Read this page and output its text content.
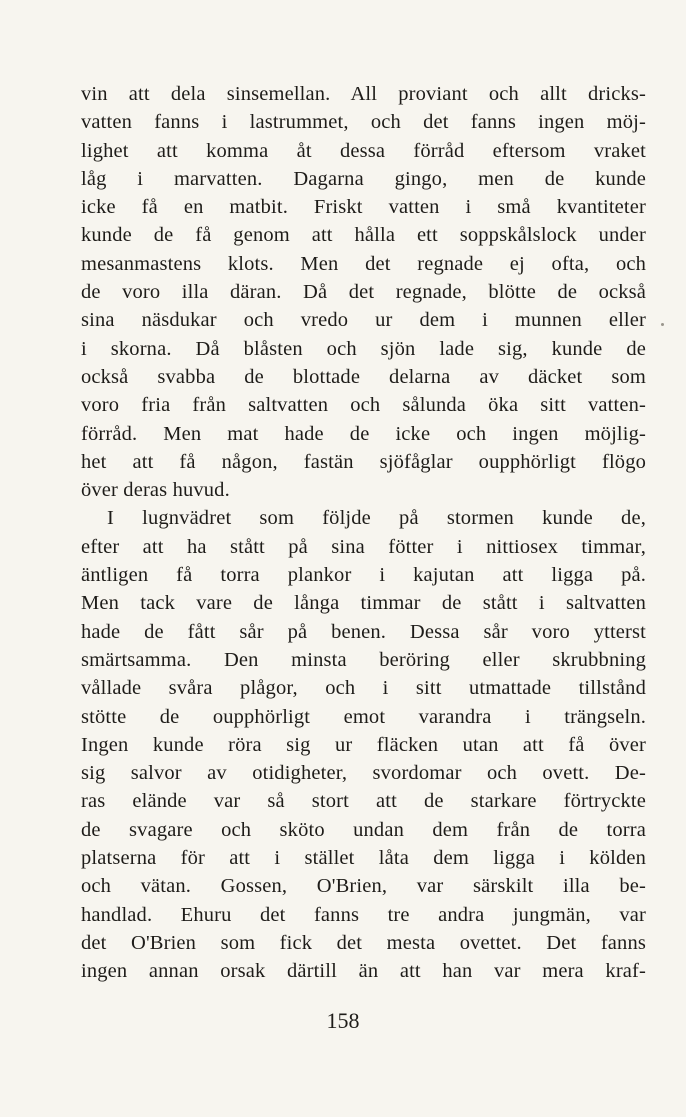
vin att dela sinsemellan. All proviant och allt dricks-
vatten fanns i lastrummet, och det fanns ingen möj-
lighet att komma åt dessa förråd eftersom vraket
låg i marvatten. Dagarna gingo, men de kunde
icke få en matbit. Friskt vatten i små kvantiteter
kunde de få genom att hålla ett soppskålslock under
mesanmastens klots. Men det regnade ej ofta, och
de voro illa däran. Då det regnade, blötte de också
sina näsdukar och vredo ur dem i munnen eller
i skorna. Då blåsten och sjön lade sig, kunde de
också svabba de blottade delarna av däcket som
voro fria från saltvatten och sålunda öka sitt vatten-
förråd. Men mat hade de icke och ingen möjlig-
het att få någon, fastän sjöfåglar oupphörligt flögo
över deras huvud.
I lugnvädret som följde på stormen kunde de,
efter att ha stått på sina fötter i nittiosex timmar,
äntligen få torra plankor i kajutan att ligga på.
Men tack vare de långa timmar de stått i saltvatten
hade de fått sår på benen. Dessa sår voro ytterst
smärtsamma. Den minsta beröring eller skrubbning
vållade svåra plågor, och i sitt utmattade tillstånd
stötte de oupphörligt emot varandra i trängseln.
Ingen kunde röra sig ur fläcken utan att få över
sig salvor av otidigheter, svordomar och ovett. De-
ras elände var så stort att de starkare förtryckte
de svagare och sköto undan dem från de torra
platserna för att i stället låta dem ligga i kölden
och vätan. Gossen, O'Brien, var särskilt illa be-
handlad. Ehuru det fanns tre andra jungmän, var
det O'Brien som fick det mesta ovettet. Det fanns
ingen annan orsak därtill än att han var mera kraf-
158
